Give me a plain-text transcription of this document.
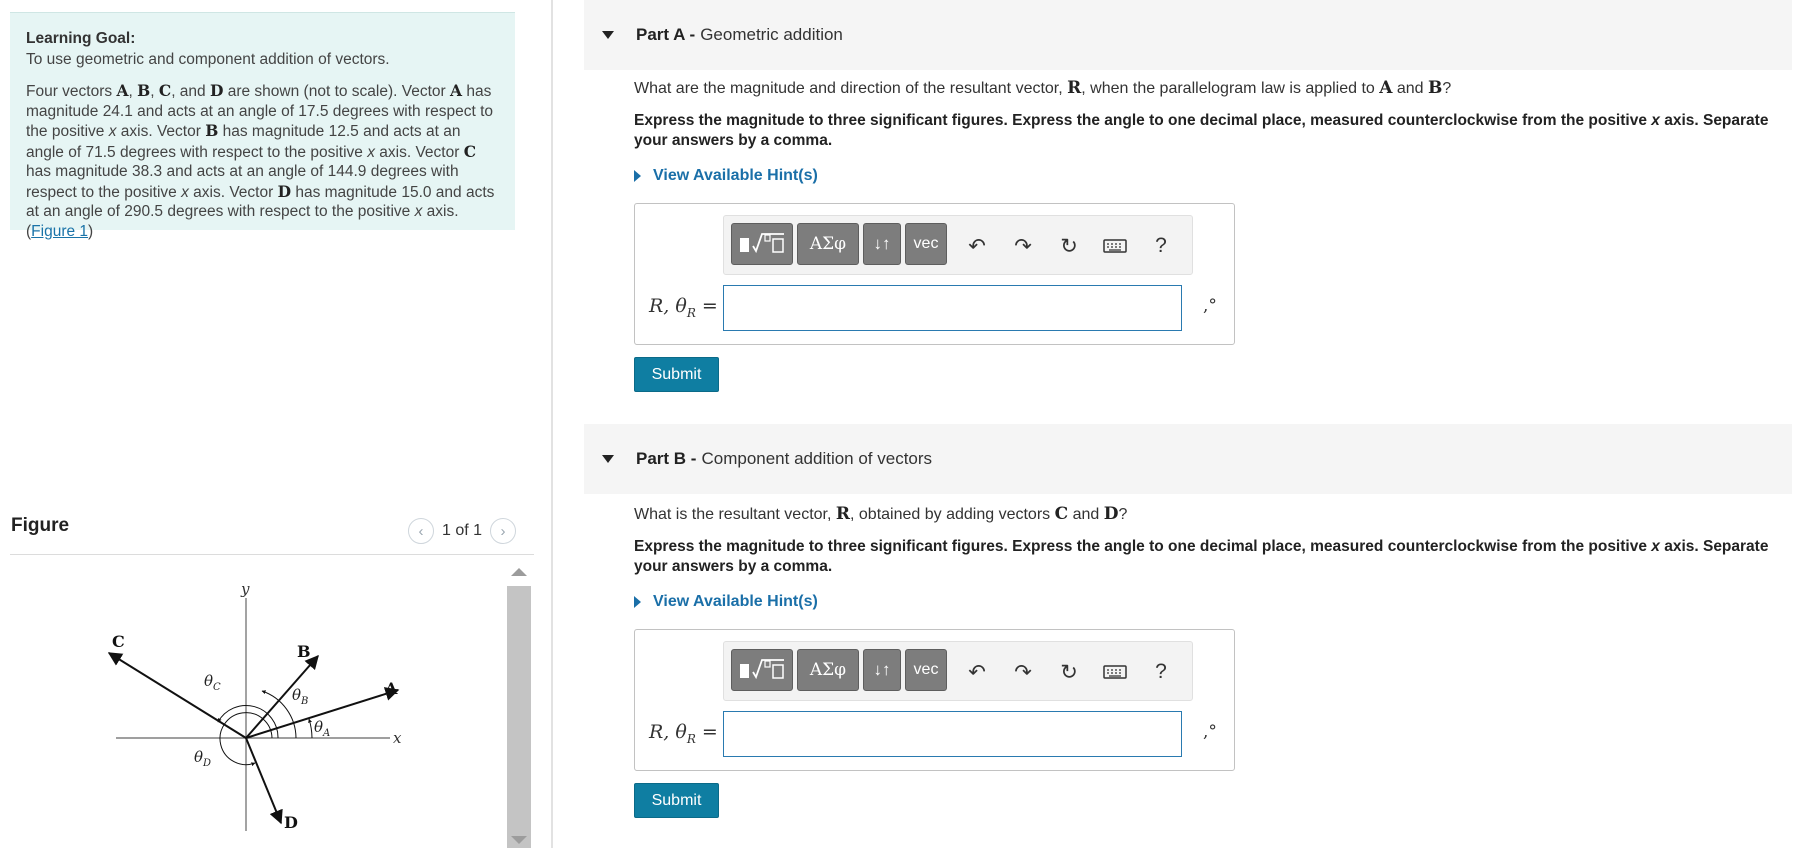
Learning Goal:

To use geometric and component addition of vectors.

Four vectors A, B, C, and D are shown (not to scale). Vector A has magnitude 24.1 and acts at an angle of 17.5 degrees with respect to the positive x axis. Vector B has magnitude 12.5 and acts at an angle of 71.5 degrees with respect to the positive x axis. Vector C has magnitude 38.3 and acts at an angle of 144.9 degrees with respect to the positive x axis. Vector D has magnitude 15.0 and acts at an angle of 290.5 degrees with respect to the positive x axis.(Figure 1)

Figure	‹	1 of 1	›
y
x
A
B
C
D
$\theta_A$
$\theta_B$
$\theta_C$
$\theta_D$
Part A - Geometric addition
What are the magnitude and direction of the resultant vector, R, when the parallelogram law is applied to A and B?
Express the magnitude to three significant figures. Express the angle to one decimal place, measured counterclockwise from the positive x axis. Separate your answers by a comma.
View Available Hint(s)
ΑΣφ	↓↑	vec	↶	↷	↻	?
R, $\theta_R$ =	,°
Submit
Part B - Component addition of vectors
What is the resultant vector, R, obtained by adding vectors C and D?
Express the magnitude to three significant figures. Express the angle to one decimal place, measured counterclockwise from the positive x axis. Separate your answers by a comma.
View Available Hint(s)
ΑΣφ	↓↑	vec	↶	↷	↻	?
R, $\theta_R$ =	,°
Submit
